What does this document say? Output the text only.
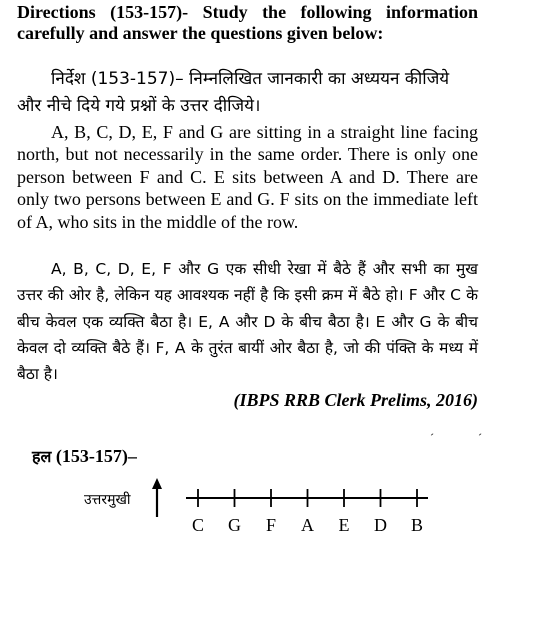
Directions (153-157)- Study the following information carefully and answer the questions given below:
निर्देश (153-157)– निम्नलिखित जानकारी का अध्ययन कीजिये और नीचे दिये गये प्रश्नों के उत्तर दीजिये।
A, B, C, D, E, F and G are sitting in a straight line facing north, but not necessarily in the same order. There is only one person between F and C. E sits between A and D. There are only two persons between E and G. F sits on the immediate left of A, who sits in the middle of the row.
A, B, C, D, E, F और G एक सीधी रेखा में बैठे हैं और सभी का मुख उत्तर की ओर है, लेकिन यह आवश्यक नहीं है कि इसी क्रम में बैठे हो। F और C के बीच केवल एक व्यक्ति बैठा है। E, A और D के बीच बैठा है। E और G के बीच केवल दो व्यक्ति बैठे हैं। F, A के तुरंत बायीं ओर बैठा है, जो की पंक्ति के मध्य में बैठा है।
(IBPS RRB Clerk Prelims, 2016)
ˊ	ˊ
हल (153-157)–
उत्तरमुखी
C G F A E D B
